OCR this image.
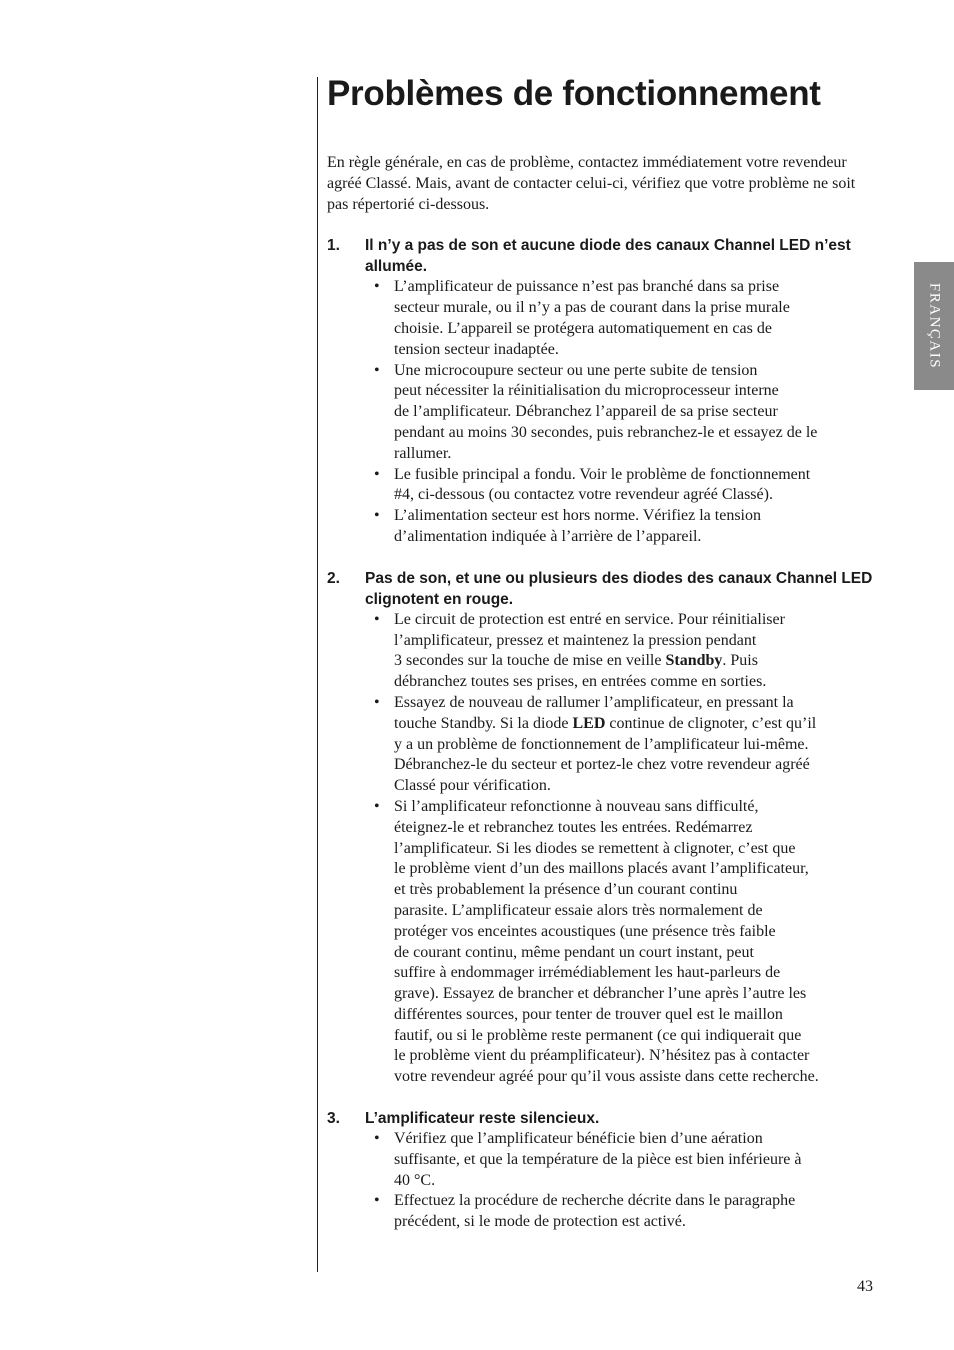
Problèmes de fonctionnement

En règle générale, en cas de problème, contactez immédiatement votre revendeur agréé Classé. Mais, avant de contacter celui-ci, vérifiez que votre problème ne soit pas répertorié ci-dessous.

1. Il n’y a pas de son et aucune diode des canaux Channel LED n’est allumée.
• L’amplificateur de puissance n’est pas branché dans sa prise
secteur murale, ou il n’y a pas de courant dans la prise murale
choisie. L’appareil se protégera automatiquement en cas de
tension secteur inadaptée.
• Une microcoupure secteur ou une perte subite de tension
peut nécessiter la réinitialisation du microprocesseur interne
de l’amplificateur. Débranchez l’appareil de sa prise secteur
pendant au moins 30 secondes, puis rebranchez-le et essayez de le
rallumer.
• Le fusible principal a fondu. Voir le problème de fonctionnement
#4, ci-dessous (ou contactez votre revendeur agréé Classé).
• L’alimentation secteur est hors norme. Vérifiez la tension
d’alimentation indiquée à l’arrière de l’appareil.
2. Pas de son, et une ou plusieurs des diodes des canaux Channel LED clignotent en rouge.
• Le circuit de protection est entré en service. Pour réinitialiser
l’amplificateur, pressez et maintenez la pression pendant
3 secondes sur la touche de mise en veille Standby. Puis
débranchez toutes ses prises, en entrées comme en sorties.
• Essayez de nouveau de rallumer l’amplificateur, en pressant la
touche Standby. Si la diode LED continue de clignoter, c’est qu’il
y a un problème de fonctionnement de l’amplificateur lui-même.
Débranchez-le du secteur et portez-le chez votre revendeur agréé
Classé pour vérification.
• Si l’amplificateur refonctionne à nouveau sans difficulté,
éteignez-le et rebranchez toutes les entrées. Redémarrez
l’amplificateur. Si les diodes se remettent à clignoter, c’est que
le problème vient d’un des maillons placés avant l’amplificateur,
et très probablement la présence d’un courant continu
parasite. L’amplificateur essaie alors très normalement de
protéger vos enceintes acoustiques (une présence très faible
de courant continu, même pendant un court instant, peut
suffire à endommager irrémédiablement les haut-parleurs de
grave). Essayez de brancher et débrancher l’une après l’autre les
différentes sources, pour tenter de trouver quel est le maillon
fautif, ou si le problème reste permanent (ce qui indiquerait que
le problème vient du préamplificateur). N’hésitez pas à contacter
votre revendeur agréé pour qu’il vous assiste dans cette recherche.
3. L’amplificateur reste silencieux.
• Vérifiez que l’amplificateur bénéficie bien d’une aération
suffisante, et que la température de la pièce est bien inférieure à
40 °C.
• Effectuez la procédure de recherche décrite dans le paragraphe
précédent, si le mode de protection est activé.
FRANÇAIS
43
